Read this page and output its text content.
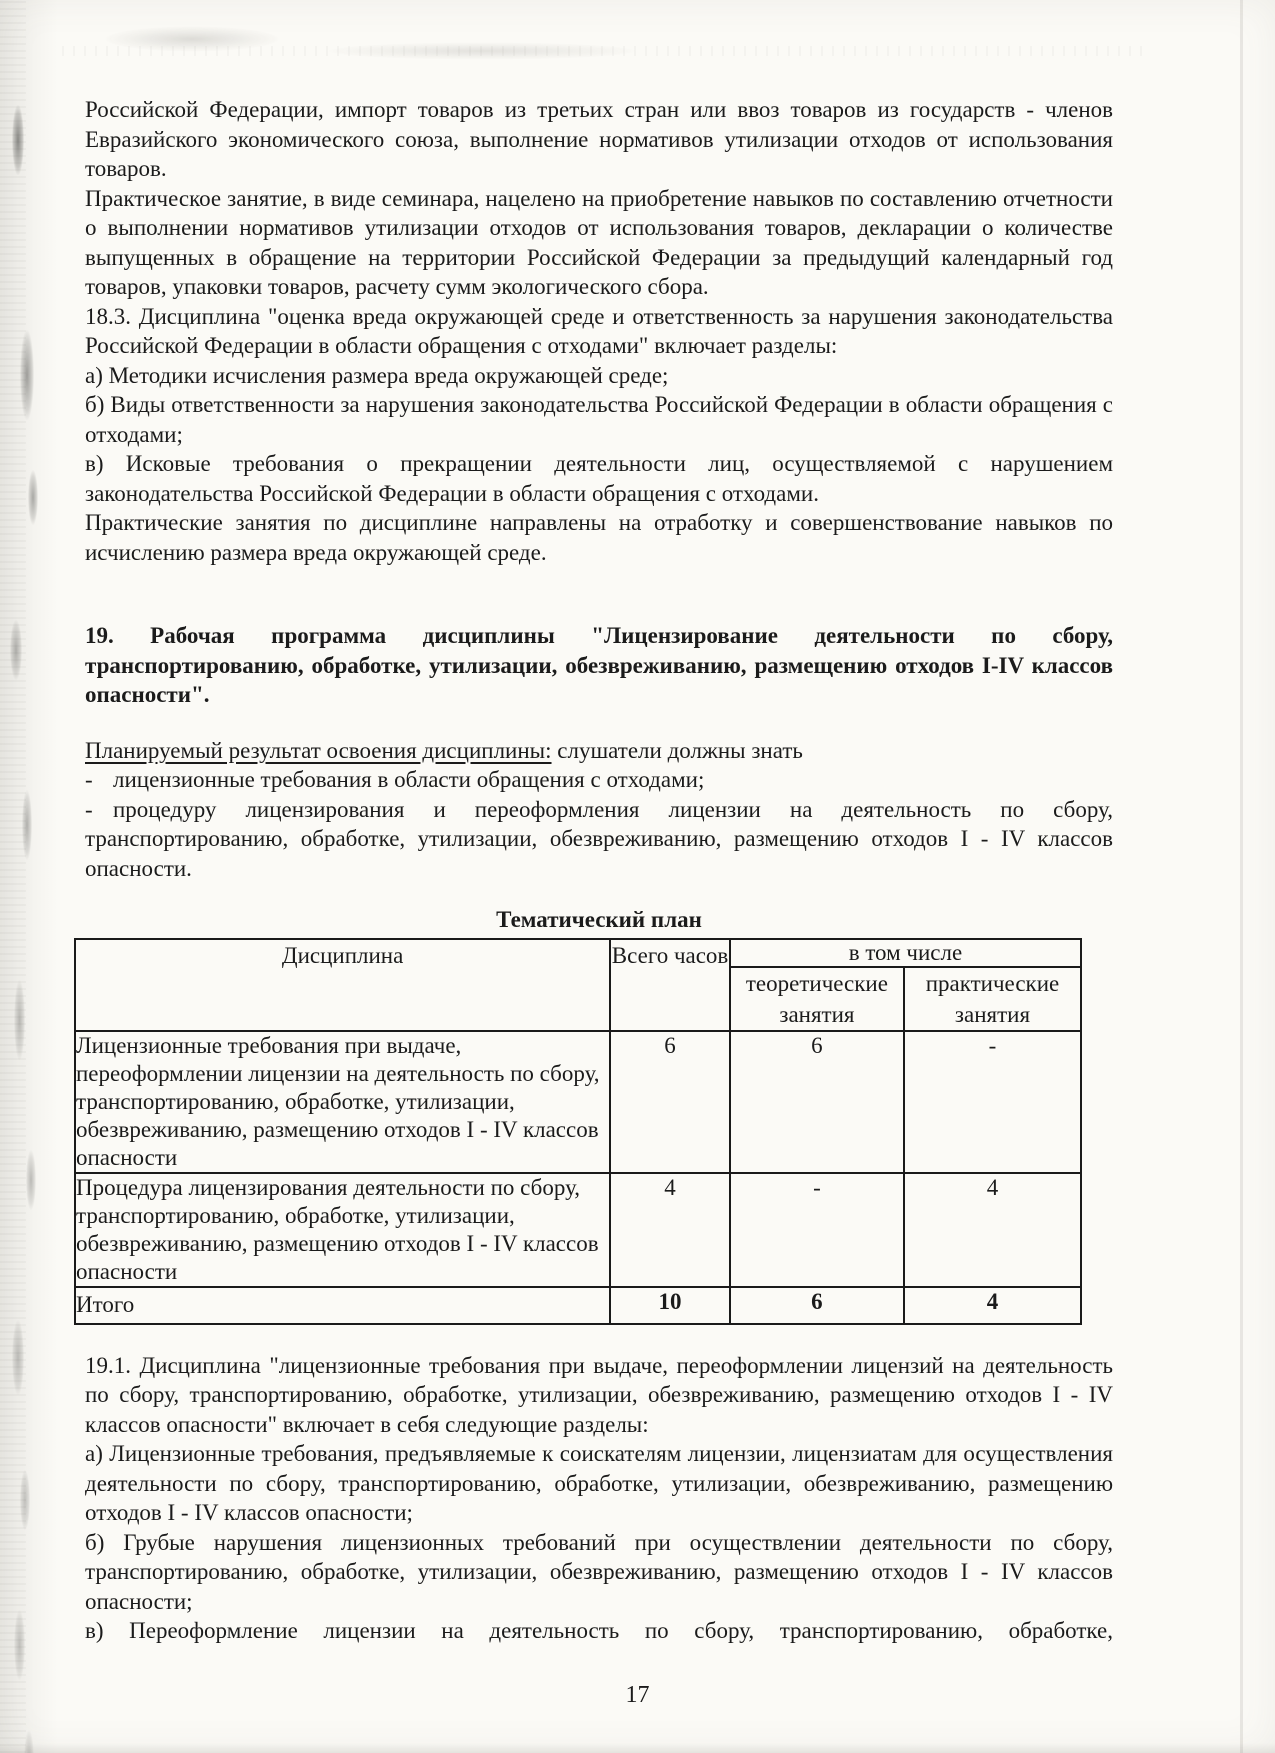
Российской Федерации, импорт товаров из третьих стран или ввоз товаров из государств - членов Евразийского экономического союза, выполнение нормативов утилизации отходов от использования товаров.

Практическое занятие, в виде семинара, нацелено на приобретение навыков по составлению отчетности о выполнении нормативов утилизации отходов от использования товаров, декларации о количестве выпущенных в обращение на территории Российской Федерации за предыдущий календарный год товаров, упаковки товаров, расчету сумм экологического сбора.

18.3. Дисциплина "оценка вреда окружающей среде и ответственность за нарушения законодательства Российской Федерации в области обращения с отходами" включает разделы:

а) Методики исчисления размера вреда окружающей среде;

б) Виды ответственности за нарушения законодательства Российской Федерации в области обращения с отходами;

в) Исковые требования о прекращении деятельности лиц, осуществляемой с нарушением законодательства Российской Федерации в области обращения с отходами.

Практические занятия по дисциплине направлены на отработку и совершенствование навыков по исчислению размера вреда окружающей среде.

19. Рабочая программа дисциплины "Лицензирование деятельности по сбору, транспортированию, обработке, утилизации, обезвреживанию, размещению отходов I-IV классов опасности".

Планируемый результат освоения дисциплины: слушатели должны знать

- лицензионные требования в области обращения с отходами;

- процедуру лицензирования и переоформления лицензии на деятельность по сбору, транспортированию, обработке, утилизации, обезвреживанию, размещению отходов I - IV классов опасности.

Тематический план
Дисциплина	Всего часов	в том числе	
		теоретические занятия	практические занятия
Лицензионные требования при выдаче, переоформлении лицензии на деятельность по сбору, транспортированию, обработке, утилизации, обезвреживанию, размещению отходов I - IV классов опасности	6	6	-
Процедура лицензирования деятельности по сбору, транспортированию, обработке, утилизации, обезвреживанию, размещению отходов I - IV классов опасности	4	-	4
Итого	10	6	4

19.1. Дисциплина "лицензионные требования при выдаче, переоформлении лицензий на деятельность по сбору, транспортированию, обработке, утилизации, обезвреживанию, размещению отходов I - IV классов опасности" включает в себя следующие разделы:

а) Лицензионные требования, предъявляемые к соискателям лицензии, лицензиатам для осуществления деятельности по сбору, транспортированию, обработке, утилизации, обезвреживанию, размещению отходов I - IV классов опасности;

б) Грубые нарушения лицензионных требований при осуществлении деятельности по сбору, транспортированию, обработке, утилизации, обезвреживанию, размещению отходов I - IV классов опасности;

в) Переоформление лицензии на деятельность по сбору, транспортированию, обработке,

17
